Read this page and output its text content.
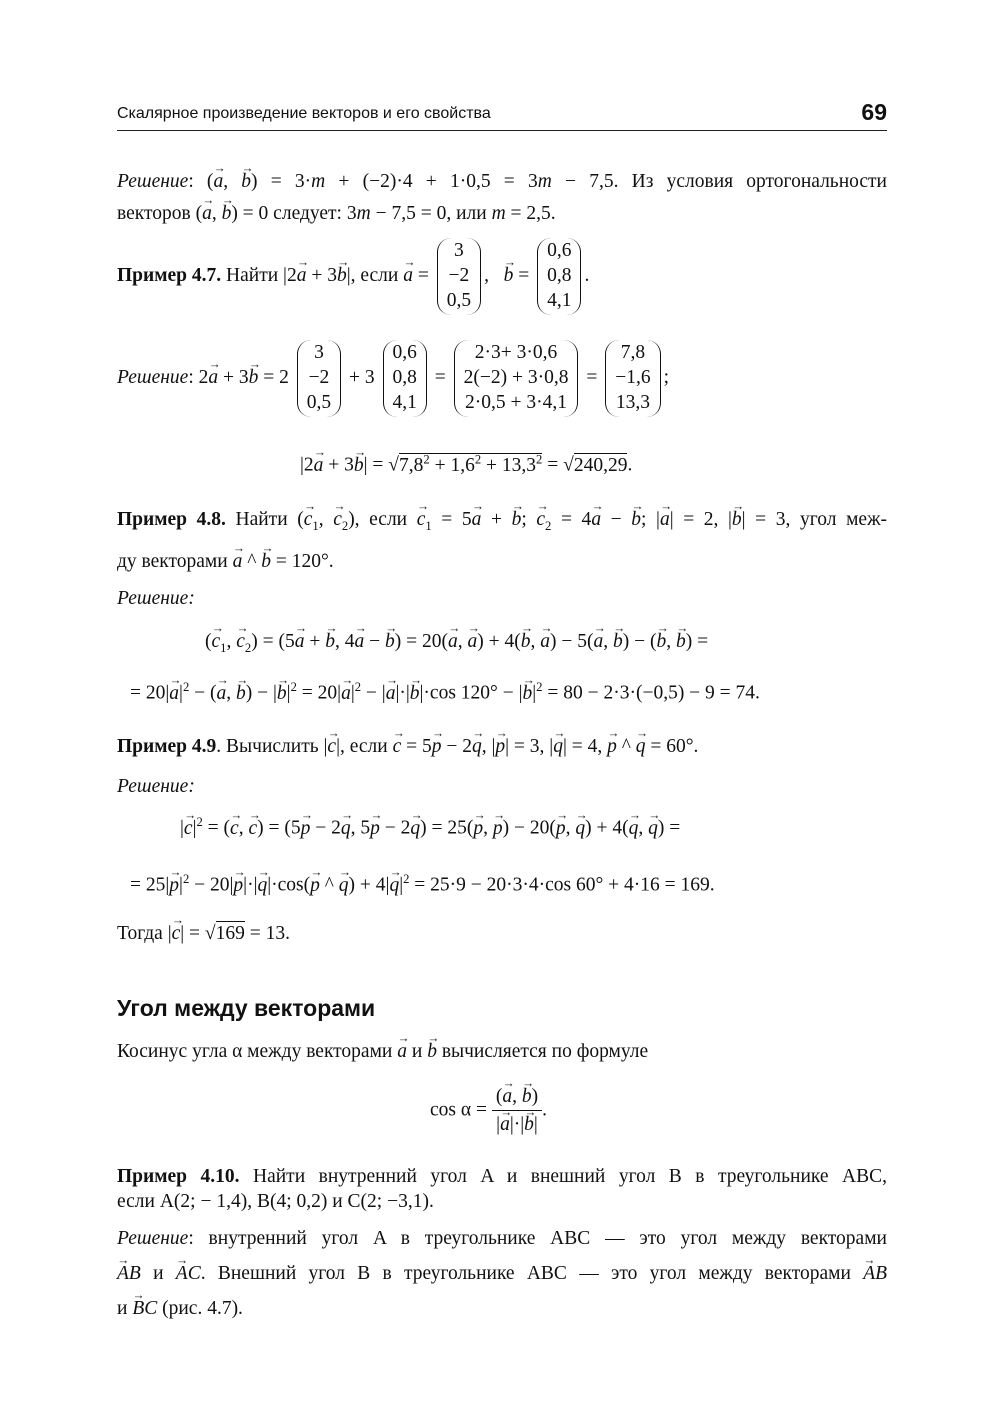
Скалярное произведение векторов и его свойства	69
Решение: (→ a, → b) = 3·m + (−2)·4 + 1·0,5 = 3m − 7,5. Из условия ортогональности
векторов (→ a, → b) = 0 следует: 3m − 7,5 = 0, или m = 2,5.
Пример 4.7. Найти |2→ a + 3→ b|, если → a =
3
−2
0,5
,   → b =
0,6
0,8
4,1
.
Решение: 2→ a + 3→ b = 2
3
−2
0,5
+ 3
0,6
0,8
4,1
=
2·3+ 3·0,6
2(−2) + 3·0,8
2·0,5 + 3·4,1
=
7,8
−1,6
13,3
;
$|2\to a + 3\to b| = √7,8^2 + 1,6^2 + 13,3^2 = √240,29$.
Пример 4.8. Найти (→ $c_1$, → $c_2$), если → $c_1 = 5\to a$ + → b; → $c_2 = 4\to a$ − → b; |→ a| = 2, |→ b| = 3, угол меж-
ду векторами → a ^ → b = 120°.
Решение:
(→ $c_1$, → $c_2) = (5\to a$ + → b, 4→ a − → b) = 20(→ a, → a) + 4(→ b, → a) − 5(→ a, → b) − (→ b, → b) =
= $20|\to a|^2$ − (→ a, → b) − |→ $b|^2 = 20|\to a|^2$ − |→ a|·|→ b|·cos 120° − |→ $b|^2 = 80 - 2\cdot 3\cdot(-0,5) - 9 = 74$.
Пример 4.9. Вычислить |→ c|, если → c = 5→ p − 2→ q, |→ p| = 3, |→ q| = 4, → p ^ → q = 60°.
Решение:
|→ $c|^2$ = (→ c, → c) = (5→ p − 2→ q, 5→ p − 2→ q) = 25(→ p, → p) − 20(→ p, → q) + 4(→ q, → q) =
= $25|\to p|^2 - 20|\to p|\cdot|\to q|\cdot\cos(\to p$ ^ → $q) + 4|\to q|^2 = 25\cdot 9 - 20\cdot 3\cdot 4\cdot\cos$ 60° + 4·16 = 169.
Тогда |→ c| = √169 = 13.
Угол между векторами
Косинус угла α между векторами → a и → b вычисляется по формуле
$\cos \alpha = \frac{(\to a, \to b)}{|\to a|\cdot|\to b|}$ .
Пример 4.10. Найти внутренний угол A и внешний угол B в треугольнике ABC,
если A(2; − 1,4), B(4; 0,2) и C(2; −3,1).
Решение: внутренний угол A в треугольнике ABC — это угол между векторами
→ AB и → AC. Внешний угол B в треугольнике ABC — это угол между векторами → AB
и → BC (рис. 4.7).
